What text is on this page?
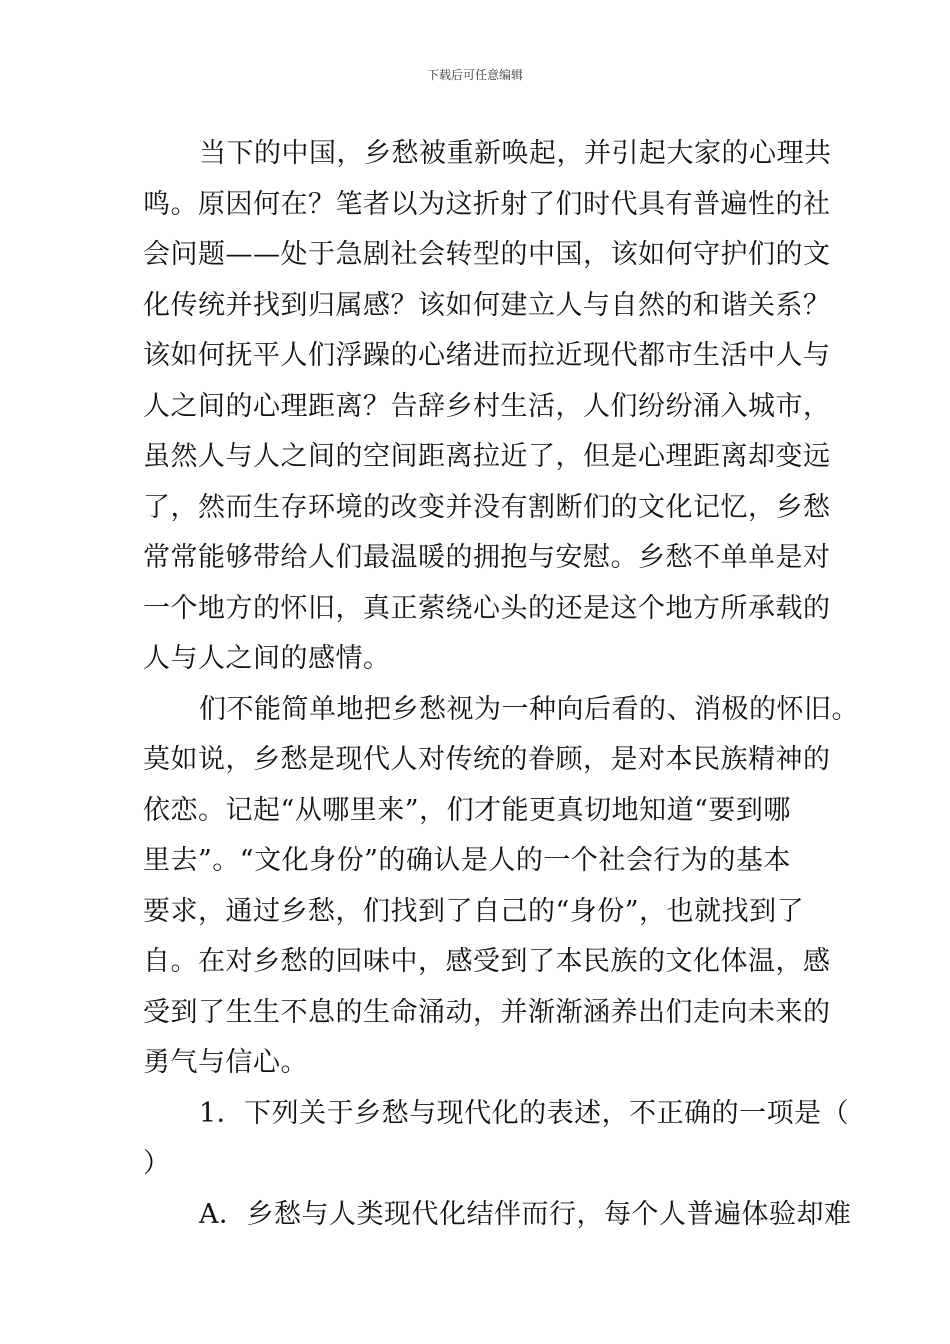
下载后可任意编辑
当下的中国，乡愁被重新唤起，并引起大家的心理共
鸣。原因何在？笔者以为这折射了们时代具有普遍性的社
会问题——处于急剧社会转型的中国，该如何守护们的文
化传统并找到归属感？该如何建立人与自然的和谐关系？
该如何抚平人们浮躁的心绪进而拉近现代都市生活中人与
人之间的心理距离？告辞乡村生活，人们纷纷涌入城市，
虽然人与人之间的空间距离拉近了，但是心理距离却变远
了，然而生存环境的改变并没有割断们的文化记忆，乡愁
常常能够带给人们最温暖的拥抱与安慰。乡愁不单单是对
一个地方的怀旧，真正萦绕心头的还是这个地方所承载的
人与人之间的感情。
们不能简单地把乡愁视为一种向后看的、消极的怀旧。
莫如说，乡愁是现代人对传统的眷顾，是对本民族精神的
依恋。记起“从哪里来”，们才能更真切地知道“要到哪
里去”。“文化身份”的确认是人的一个社会行为的基本
要求，通过乡愁，们找到了自己的“身份”，也就找到了
自。在对乡愁的回味中，感受到了本民族的文化体温，感
受到了生生不息的生命涌动，并渐渐涵养出们走向未来的
勇气与信心。
1．下列关于乡愁与现代化的表述，不正确的一项是（
）
A．乡愁与人类现代化结伴而行，每个人普遍体验却难
